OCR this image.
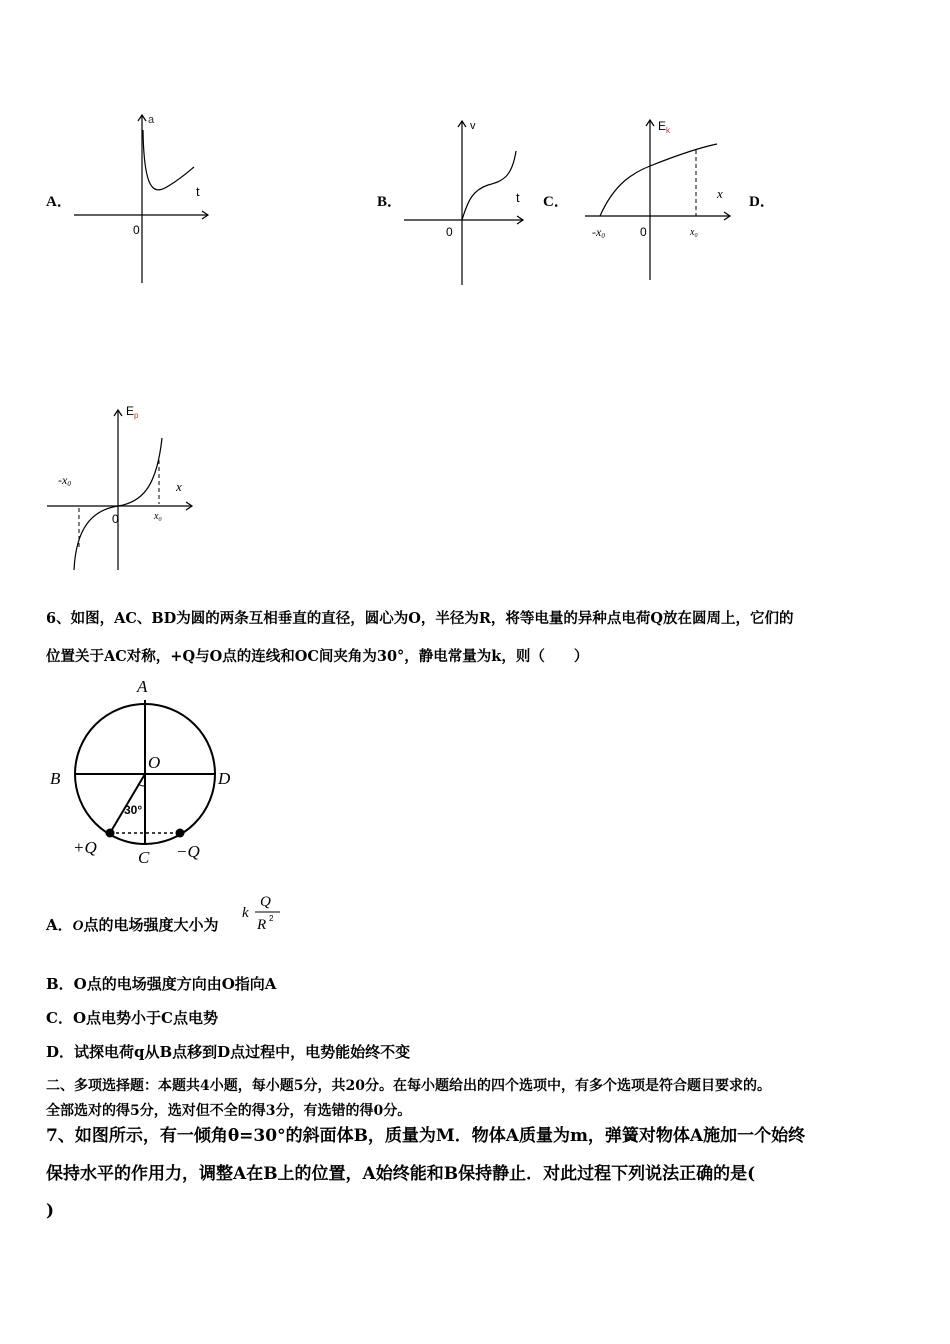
A．	B．	C．	D．
a
t
0
v
t
0
$E_k$
x
0
-x0	$x_0$
$E_p$
x
0
-x0
$x_0$
6、如图，AC、BD为圆的两条互相垂直的直径，圆心为O，半径为R，将等电量的异种点电荷Q放在圆周上，它们的
位置关于AC对称，+Q与O点的连线和OC间夹角为30°，静电常量为k，则（　　）
A
B	D
C
O
30°
+Q	−Q
A．O点的电场强度大小为
k
Q
R 2
B．O点的电场强度方向由O指向A
C．O点电势小于C点电势
D．试探电荷q从B点移到D点过程中，电势能始终不变
二、多项选择题：本题共4小题，每小题5分，共20分。在每小题给出的四个选项中，有多个选项是符合题目要求的。
全部选对的得5分，选对但不全的得3分，有选错的得0分。
7、如图所示，有一倾角θ=30°的斜面体B，质量为M．物体A质量为m，弹簧对物体A施加一个始终
保持水平的作用力，调整A在B上的位置，A始终能和B保持静止．对此过程下列说法正确的是(
)
